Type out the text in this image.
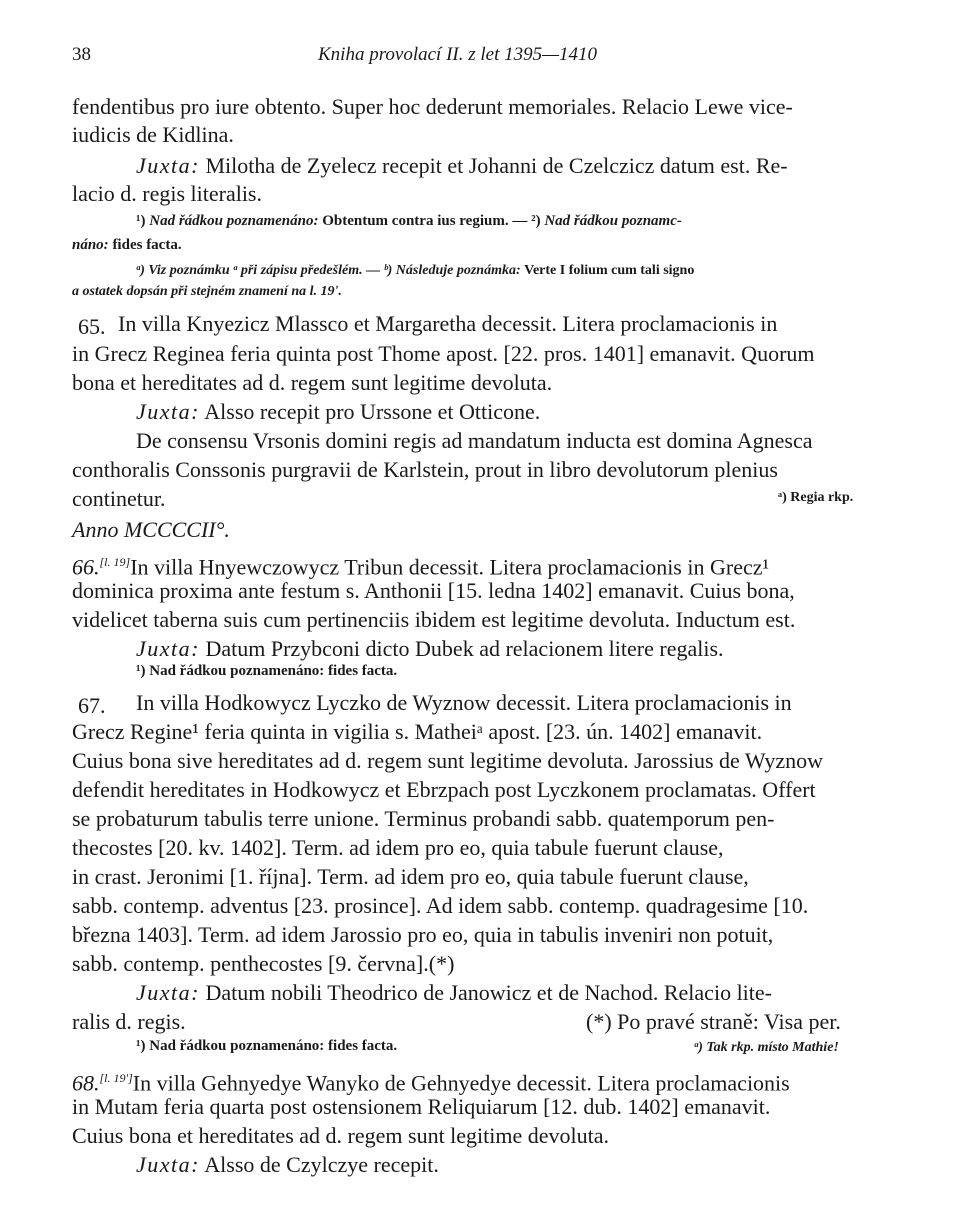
38	Kniha provolací II. z let 1395—1410
fendentibus pro iure obtento. Super hoc dederunt memoriales. Relacio Lewe vice-
iudicis de Kidlina.
Juxta: Milotha de Zyelecz recepit et Johanni de Czelczicz datum est. Re-
lacio d. regis literalis.
¹) Nad řádkou poznamenáno: Obtentum contra ius regium. — ²) Nad řádkou poznamc-
náno: fides facta.
ᵃ) Viz poznámku ᵃ při zápisu předešlém. — ᵇ) Následuje poznámka: Verte I folium cum tali signo
a ostatek dopsán při stejném znamení na l. 19ʹ.
65. In villa Knyezicz Mlassco et Margaretha decessit. Litera proclamacionis in
in Grecz Reginea feria quinta post Thome apost. [22. pros. 1401] emanavit. Quorum
bona et hereditates ad d. regem sunt legitime devoluta.
Juxta: Alsso recepit pro Urssone et Otticone.
De consensu Vrsonis domini regis ad mandatum inducta est domina Agnesca
conthoralis Conssonis purgravii de Karlstein, prout in libro devolutorum plenius
continetur.	ᵃ) Regia rkp.
Anno MCCCCII°.
66.[l. 19]In villa Hnyewczowycz Tribun decessit. Litera proclamacionis in Grecz¹
dominica proxima ante festum s. Anthonii [15. ledna 1402] emanavit. Cuius bona,
videlicet taberna suis cum pertinenciis ibidem est legitime devoluta. Inductum est.
Juxta: Datum Przybconi dicto Dubek ad relacionem litere regalis.
¹) Nad řádkou poznamenáno: fides facta.
67. In villa Hodkowycz Lyczko de Wyznow decessit. Litera proclamacionis in
Grecz Regine¹ feria quinta in vigilia s. Matheiᵃ apost. [23. ún. 1402] emanavit.
Cuius bona sive hereditates ad d. regem sunt legitime devoluta. Jarossius de Wyznow
defendit hereditates in Hodkowycz et Ebrzpach post Lyczkonem proclamatas. Offert
se probaturum tabulis terre unione. Terminus probandi sabb. quatemporum pen-
thecostes [20. kv. 1402]. Term. ad idem pro eo, quia tabule fuerunt clause,
in crast. Jeronimi [1. října]. Term. ad idem pro eo, quia tabule fuerunt clause,
sabb. contemp. adventus [23. prosince]. Ad idem sabb. contemp. quadragesime [10.
března 1403]. Term. ad idem Jarossio pro eo, quia in tabulis inveniri non potuit,
sabb. contemp. penthecostes [9. června].(*)
Juxta: Datum nobili Theodrico de Janowicz et de Nachod. Relacio lite-
ralis d. regis.	(*) Po pravé straně: Visa per.
¹) Nad řádkou poznamenáno: fides facta.	ᵃ) Tak rkp. místo Mathie!
68.[l. 19ʹ]In villa Gehnyedye Wanyko de Gehnyedye decessit. Litera proclamacionis
in Mutam feria quarta post ostensionem Reliquiarum [12. dub. 1402] emanavit.
Cuius bona et hereditates ad d. regem sunt legitime devoluta.
Juxta: Alsso de Czylczye recepit.
